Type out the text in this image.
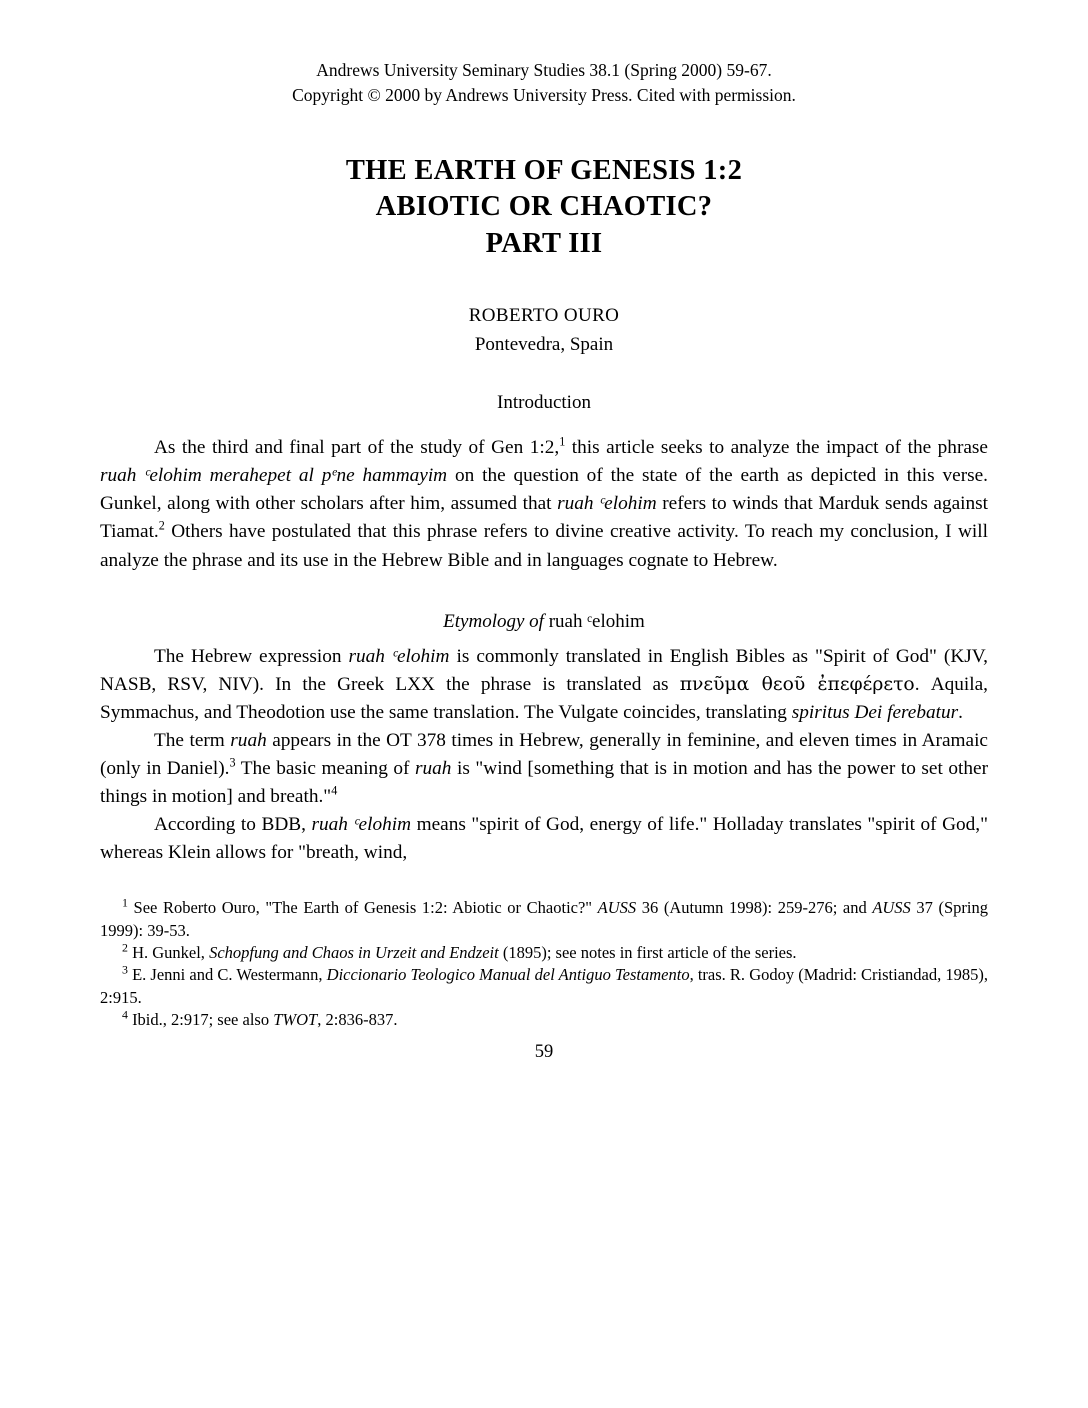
Andrews University Seminary Studies 38.1 (Spring 2000) 59-67.
Copyright © 2000 by Andrews University Press. Cited with permission.
THE EARTH OF GENESIS 1:2
ABIOTIC OR CHAOTIC?
PART III
ROBERTO OURO
Pontevedra, Spain
Introduction

As the third and final part of the study of Gen 1:2,$^1$ this article seeks to analyze the impact of the phrase ruah ᶜelohim merahepet al pᵉne hammayim on the question of the state of the earth as depicted in this verse. Gunkel, along with other scholars after him, assumed that ruah ᶜelohim refers to winds that Marduk sends against Tiamat.$^2$ Others have postulated that this phrase refers to divine creative activity. To reach my conclusion, I will analyze the phrase and its use in the Hebrew Bible and in languages cognate to Hebrew.

Etymology of ruah ᶜelohim

The Hebrew expression ruah ᶜelohim is commonly translated in English Bibles as "Spirit of God" (KJV, NASB, RSV, NIV). In the Greek LXX the phrase is translated as πνεῦμα θεοῦ ἐπεφέρετο. Aquila, Symmachus, and Theodotion use the same translation. The Vulgate coincides, translating spiritus Dei ferebatur.

The term ruah appears in the OT 378 times in Hebrew, generally in feminine, and eleven times in Aramaic (only in Daniel).$^3$ The basic meaning of ruah is "wind [something that is in motion and has the power to set other things in motion] and breath."$^4$

According to BDB, ruah ᶜelohim means "spirit of God, energy of life." Holladay translates "spirit of God," whereas Klein allows for "breath, wind,

$^1$ See Roberto Ouro, "The Earth of Genesis 1:2: Abiotic or Chaotic?" AUSS 36 (Autumn 1998): 259-276; and AUSS 37 (Spring 1999): 39-53.

$^2$ H. Gunkel, Schopfung and Chaos in Urzeit and Endzeit (1895); see notes in first article of the series.

$^3$ E. Jenni and C. Westermann, Diccionario Teologico Manual del Antiguo Testamento, tras. R. Godoy (Madrid: Cristiandad, 1985), 2:915.

$^4$ Ibid., 2:917; see also TWOT, 2:836-837.

59
